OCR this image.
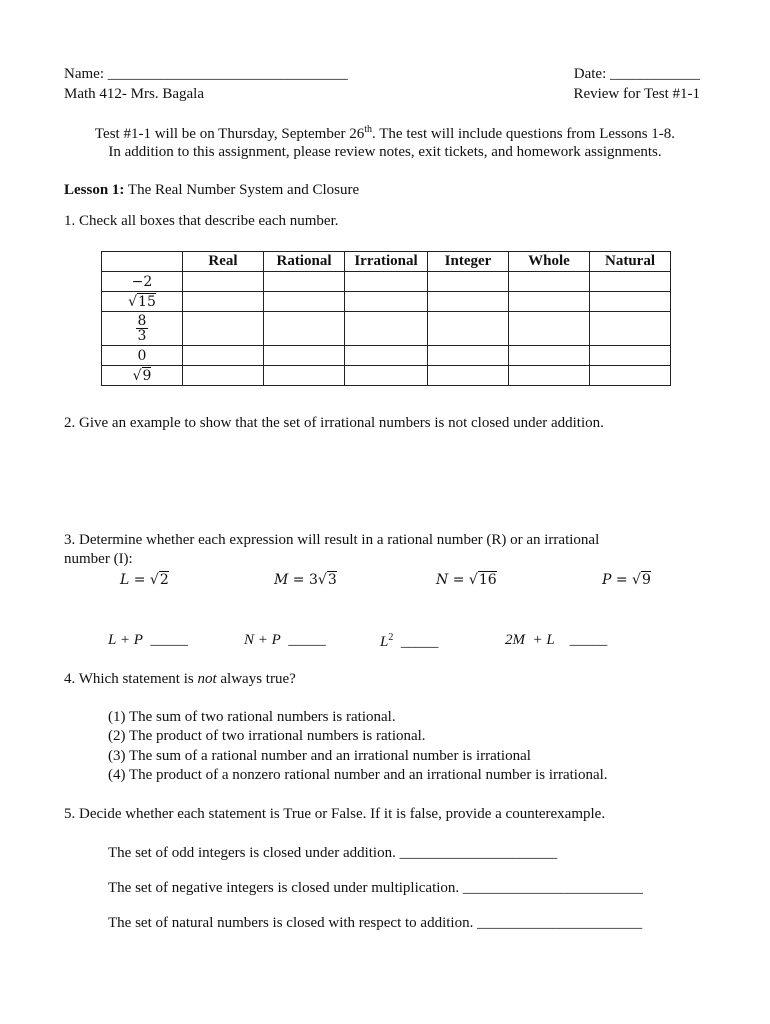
Name: ________________________________	Date: ____________
Math 412- Mrs. Bagala	Review for Test #1-1
Test #1-1 will be on Thursday, September 26th. The test will include questions from Lessons 1-8.
In addition to this assignment, please review notes, exit tickets, and homework assignments.
Lesson 1: The Real Number System and Closure
1. Check all boxes that describe each number.
	Real	Rational	Irrational	Integer	Whole	Natural
−2						
√15						

$\frac{8}{3}$

0						
√9						
2. Give an example to show that the set of irrational numbers is not closed under addition.
3. Determine whether each expression will result in a rational number (R) or an irrational
number (I):
L = √2	M = 3√3	N = √16	P = √9
L + P _____	N + P _____	$L^2$ _____	2M  + L _____
4. Which statement is not always true?
(1) The sum of two rational numbers is rational.
(2) The product of two irrational numbers is rational.
(3) The sum of a rational number and an irrational number is irrational
(4) The product of a nonzero rational number and an irrational number is irrational.
5. Decide whether each statement is True or False. If it is false, provide a counterexample.
The set of odd integers is closed under addition. _____________________
The set of negative integers is closed under multiplication. ________________________
The set of natural numbers is closed with respect to addition. ______________________
